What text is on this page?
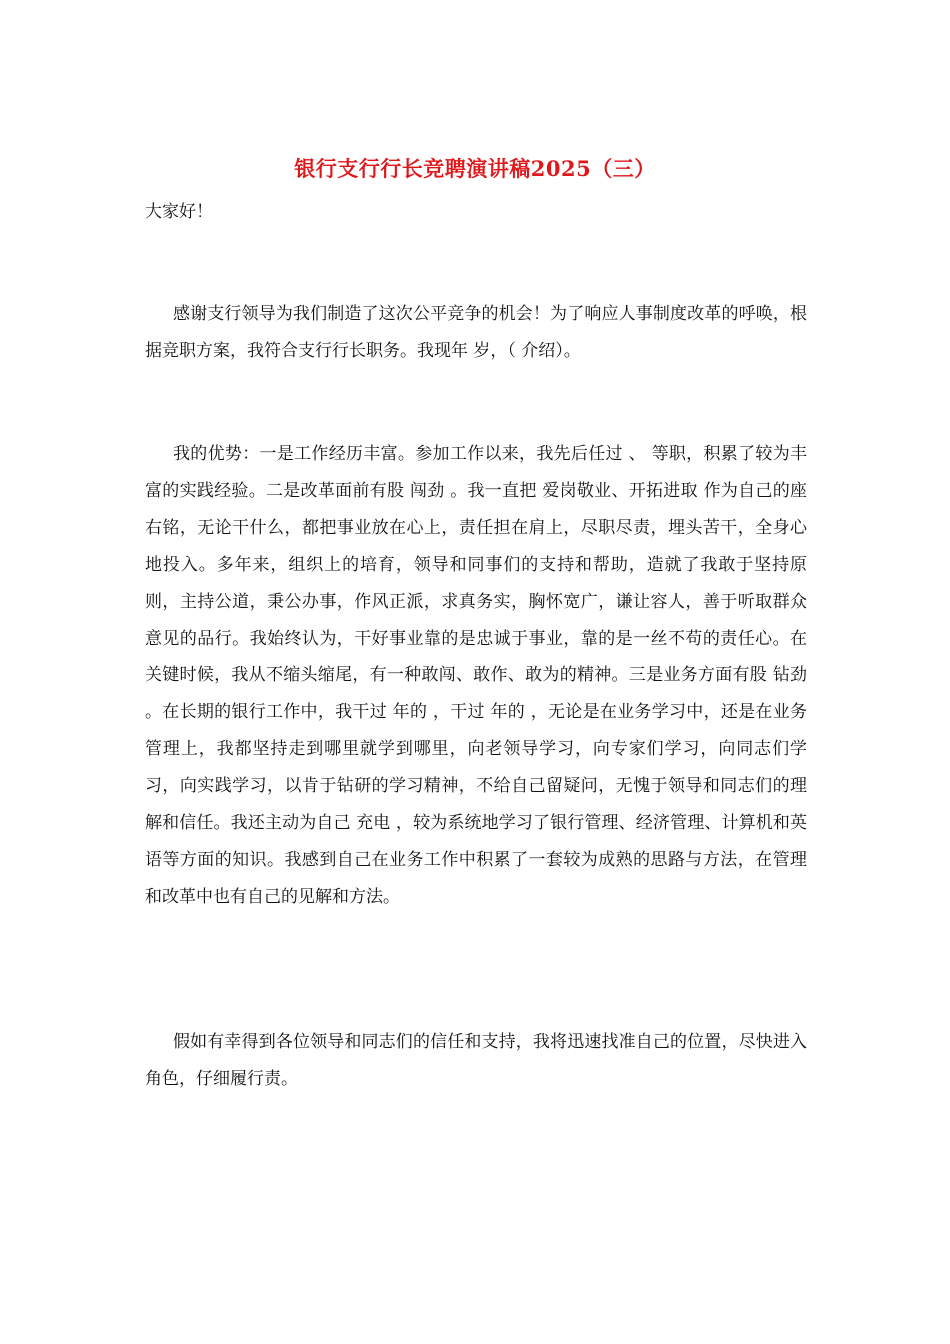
银行支行行长竞聘演讲稿2025（三）

大家好！

感谢支行领导为我们制造了这次公平竞争的机会！为了响应人事制度改革的呼唤，根据竞职方案，我符合支行行长职务。我现年 岁，（ 介绍）。

我的优势：一是工作经历丰富。参加工作以来，我先后任过 、 等职，积累了较为丰富的实践经验。二是改革面前有股 闯劲 。我一直把 爱岗敬业、开拓进取 作为自己的座右铭，无论干什么，都把事业放在心上，责任担在肩上，尽职尽责，埋头苦干，全身心地投入。多年来，组织上的培育，领导和同事们的支持和帮助，造就了我敢于坚持原则，主持公道，秉公办事，作风正派，求真务实，胸怀宽广，谦让容人，善于听取群众意见的品行。我始终认为，干好事业靠的是忠诚于事业，靠的是一丝不苟的责任心。在关键时候，我从不缩头缩尾，有一种敢闯、敢作、敢为的精神。三是业务方面有股 钻劲 。在长期的银行工作中，我干过 年的 ，干过 年的 ，无论是在业务学习中，还是在业务管理上，我都坚持走到哪里就学到哪里，向老领导学习，向专家们学习，向同志们学习，向实践学习，以肯于钻研的学习精神，不给自己留疑问，无愧于领导和同志们的理解和信任。我还主动为自己 充电 ，较为系统地学习了银行管理、经济管理、计算机和英语等方面的知识。我感到自己在业务工作中积累了一套较为成熟的思路与方法，在管理和改革中也有自己的见解和方法。

假如有幸得到各位领导和同志们的信任和支持，我将迅速找准自己的位置，尽快进入角色，仔细履行责。
